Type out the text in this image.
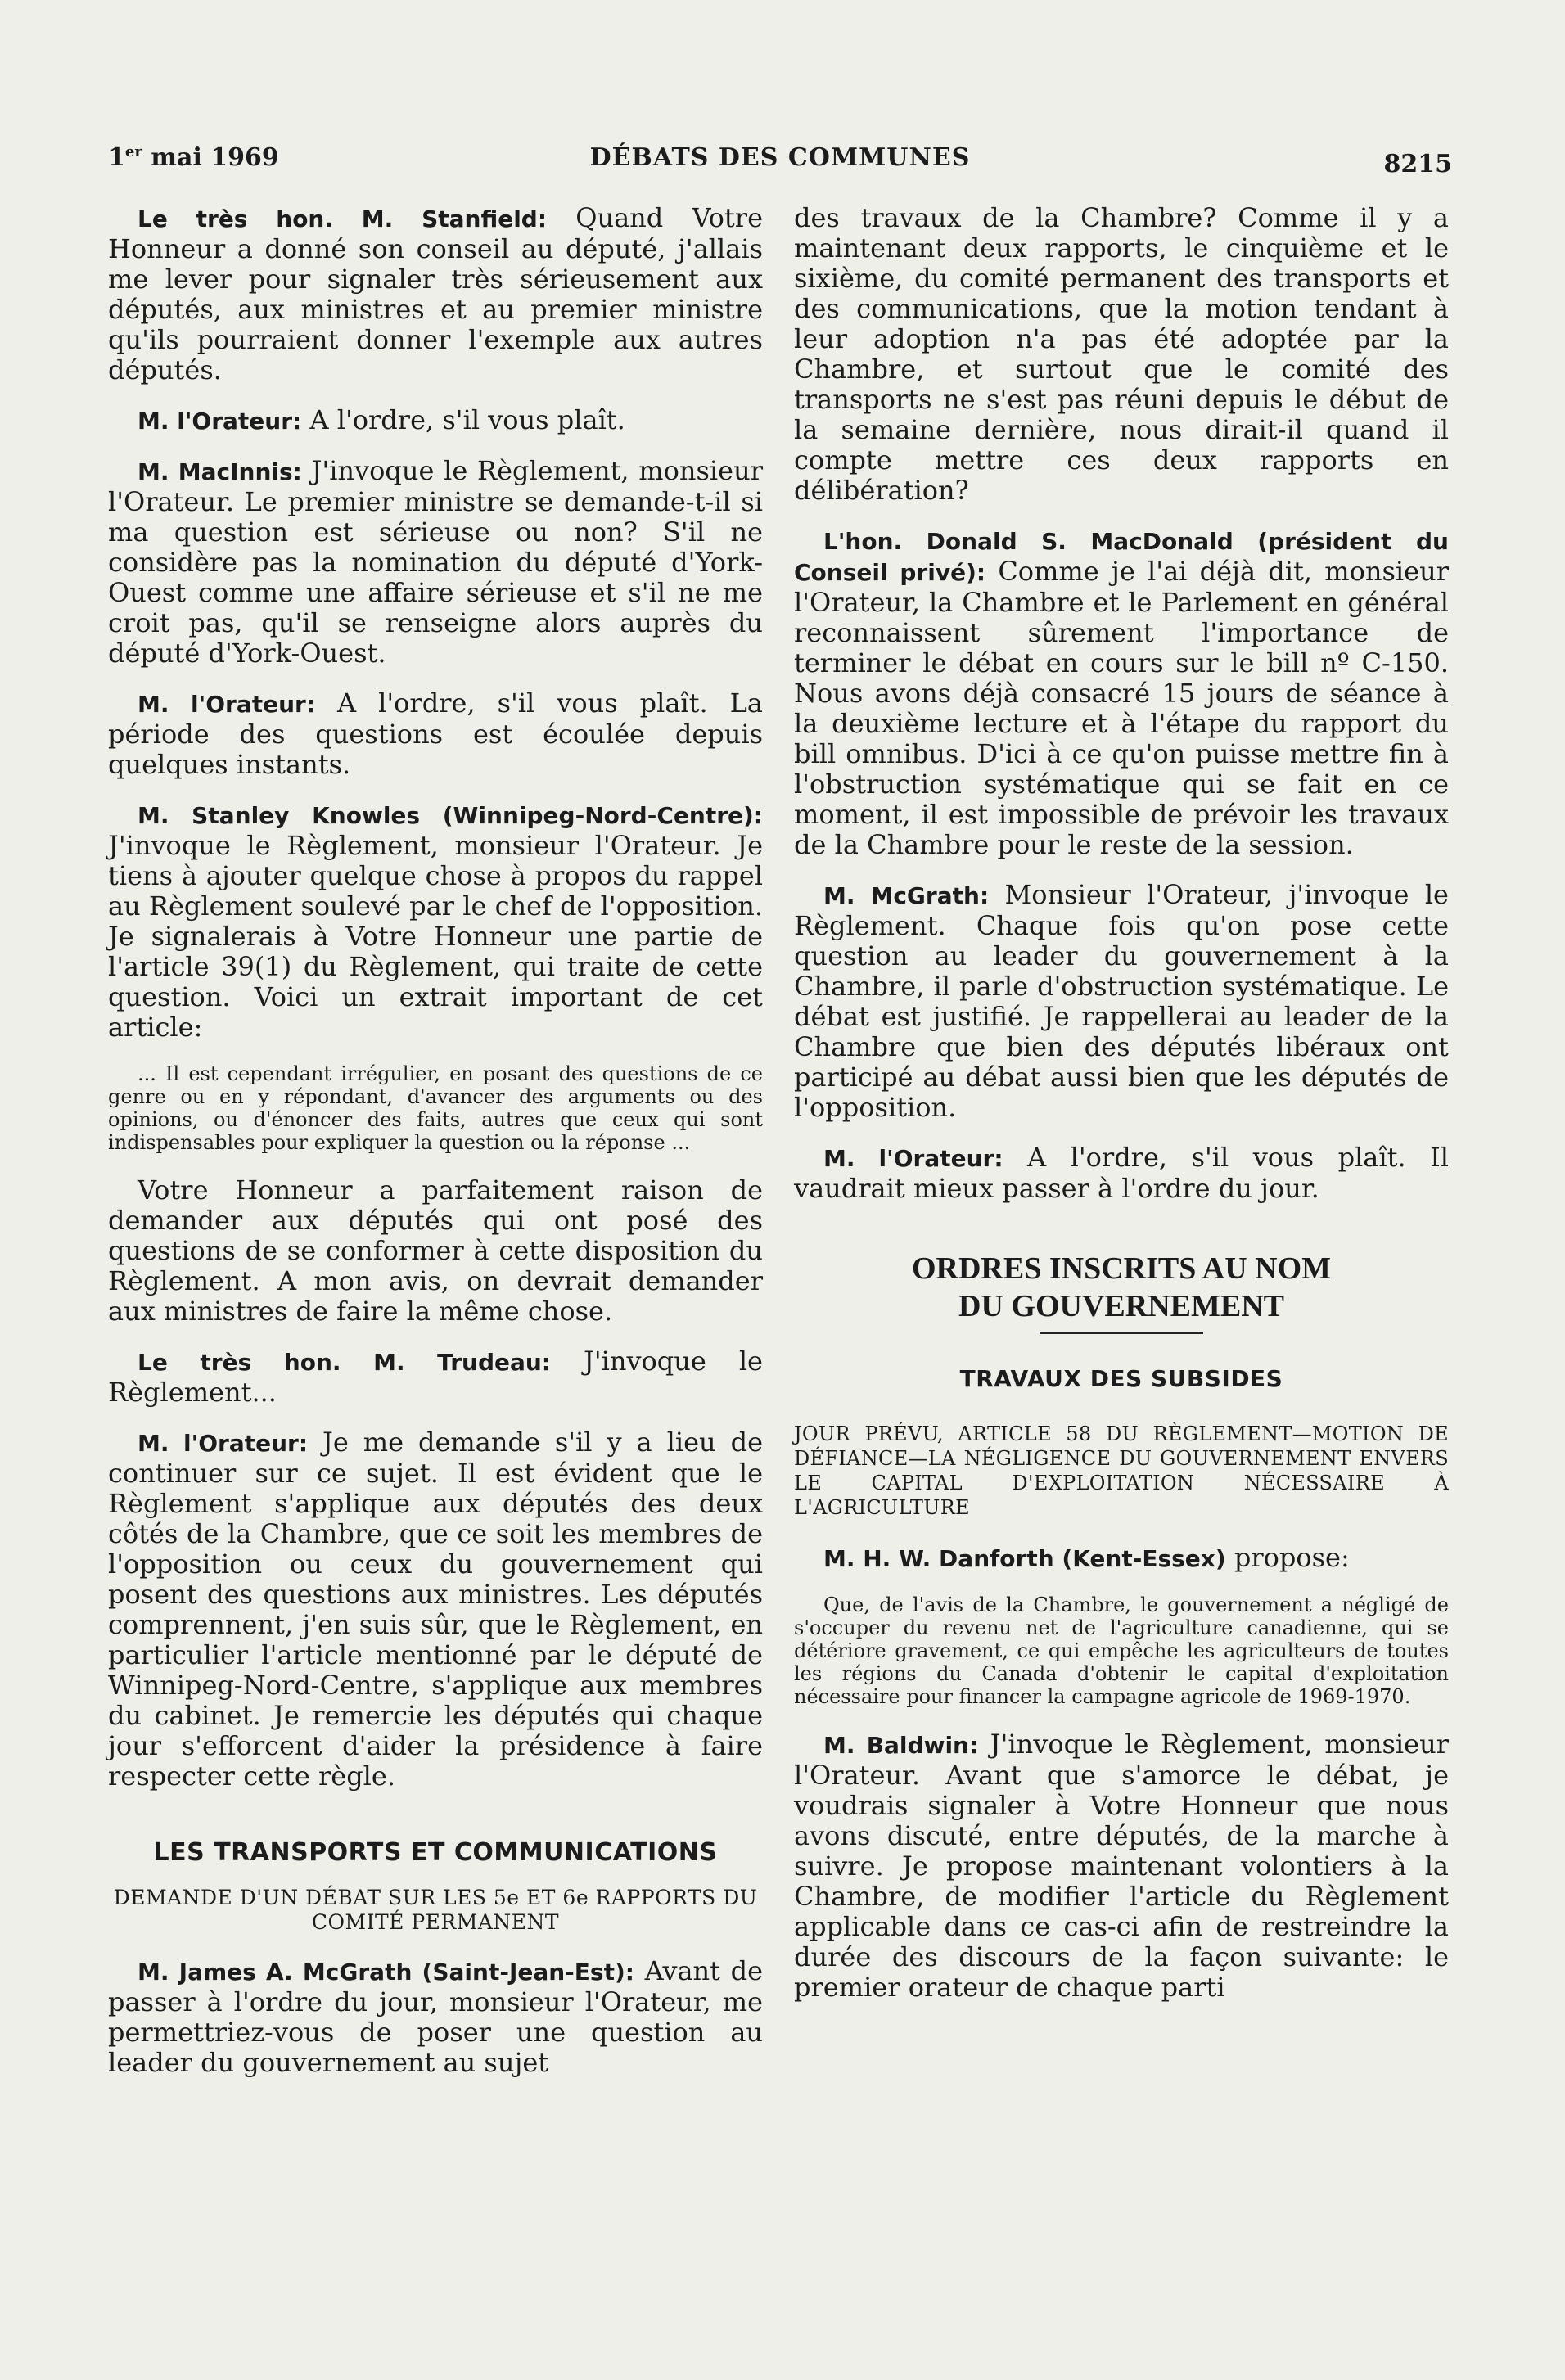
1er mai 1969	DÉBATS DES COMMUNES	8215

Le très hon. M. Stanfield: Quand Votre Honneur a donné son conseil au député, j'allais me lever pour signaler très sérieusement aux députés, aux ministres et au premier ministre qu'ils pourraient donner l'exemple aux autres députés.

M. l'Orateur: A l'ordre, s'il vous plaît.

M. MacInnis: J'invoque le Règlement, monsieur l'Orateur. Le premier ministre se demande-t-il si ma question est sérieuse ou non? S'il ne considère pas la nomination du député d'York-Ouest comme une affaire sérieuse et s'il ne me croit pas, qu'il se renseigne alors auprès du député d'York-Ouest.

M. l'Orateur: A l'ordre, s'il vous plaît. La période des questions est écoulée depuis quelques instants.

M. Stanley Knowles (Winnipeg-Nord-Centre): J'invoque le Règlement, monsieur l'Orateur. Je tiens à ajouter quelque chose à propos du rappel au Règlement soulevé par le chef de l'opposition. Je signalerais à Votre Honneur une partie de l'article 39(1) du Règlement, qui traite de cette question. Voici un extrait important de cet article:

... Il est cependant irrégulier, en posant des questions de ce genre ou en y répondant, d'avancer des arguments ou des opinions, ou d'énoncer des faits, autres que ceux qui sont indispensables pour expliquer la question ou la réponse ...

Votre Honneur a parfaitement raison de demander aux députés qui ont posé des questions de se conformer à cette disposition du Règlement. A mon avis, on devrait demander aux ministres de faire la même chose.

Le très hon. M. Trudeau: J'invoque le Règlement...

M. l'Orateur: Je me demande s'il y a lieu de continuer sur ce sujet. Il est évident que le Règlement s'applique aux députés des deux côtés de la Chambre, que ce soit les membres de l'opposition ou ceux du gouvernement qui posent des questions aux ministres. Les députés comprennent, j'en suis sûr, que le Règlement, en particulier l'article mentionné par le député de Winnipeg-Nord-Centre, s'applique aux membres du cabinet. Je remercie les députés qui chaque jour s'efforcent d'aider la présidence à faire respecter cette règle.

LES TRANSPORTS ET COMMUNICATIONS
DEMANDE D'UN DÉBAT SUR LES 5e ET 6e RAPPORTS DU COMITÉ PERMANENT

M. James A. McGrath (Saint-Jean-Est): Avant de passer à l'ordre du jour, monsieur l'Orateur, me permettriez-vous de poser une question au leader du gouvernement au sujet

des travaux de la Chambre? Comme il y a maintenant deux rapports, le cinquième et le sixième, du comité permanent des transports et des communications, que la motion tendant à leur adoption n'a pas été adoptée par la Chambre, et surtout que le comité des transports ne s'est pas réuni depuis le début de la semaine dernière, nous dirait-il quand il compte mettre ces deux rapports en délibération?

L'hon. Donald S. MacDonald (président du Conseil privé): Comme je l'ai déjà dit, monsieur l'Orateur, la Chambre et le Parlement en général reconnaissent sûrement l'importance de terminer le débat en cours sur le bill nº C-150. Nous avons déjà consacré 15 jours de séance à la deuxième lecture et à l'étape du rapport du bill omnibus. D'ici à ce qu'on puisse mettre fin à l'obstruction systématique qui se fait en ce moment, il est impossible de prévoir les travaux de la Chambre pour le reste de la session.

M. McGrath: Monsieur l'Orateur, j'invoque le Règlement. Chaque fois qu'on pose cette question au leader du gouvernement à la Chambre, il parle d'obstruction systématique. Le débat est justifié. Je rappellerai au leader de la Chambre que bien des députés libéraux ont participé au débat aussi bien que les députés de l'opposition.

M. l'Orateur: A l'ordre, s'il vous plaît. Il vaudrait mieux passer à l'ordre du jour.

ORDRES INSCRITS AU NOM
DU GOUVERNEMENT
TRAVAUX DES SUBSIDES

JOUR PRÉVU, ARTICLE 58 DU RÈGLEMENT—MOTION DE DÉFIANCE—LA NÉGLIGENCE DU GOUVERNEMENT ENVERS LE CAPITAL D'EXPLOITATION NÉCESSAIRE À L'AGRICULTURE

M. H. W. Danforth (Kent-Essex) propose:

Que, de l'avis de la Chambre, le gouvernement a négligé de s'occuper du revenu net de l'agriculture canadienne, qui se détériore gravement, ce qui empêche les agriculteurs de toutes les régions du Canada d'obtenir le capital d'exploitation nécessaire pour financer la campagne agricole de 1969-1970.

M. Baldwin: J'invoque le Règlement, monsieur l'Orateur. Avant que s'amorce le débat, je voudrais signaler à Votre Honneur que nous avons discuté, entre députés, de la marche à suivre. Je propose maintenant volontiers à la Chambre, de modifier l'article du Règlement applicable dans ce cas-ci afin de restreindre la durée des discours de la façon suivante: le premier orateur de chaque parti
